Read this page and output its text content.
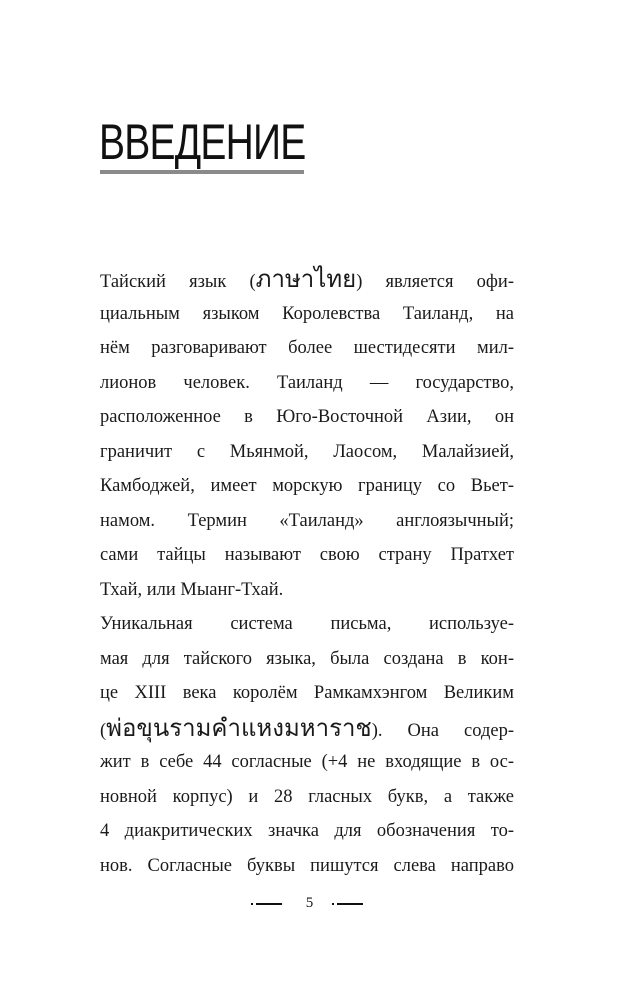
ВВЕДЕНИЕ
Тайский язык (ภาษาไทย) является офи-
циальным языком Королевства Таиланд, на
нём разговаривают более шестидесяти мил-
лионов человек. Таиланд — государство,
расположенное в Юго-Восточной Азии, он
граничит с Мьянмой, Лаосом, Малайзией,
Камбоджей, имеет морскую границу со Вьет-
намом. Термин «Таиланд» англоязычный;
сами тайцы называют свою страну Пратхет
Тхай, или Мыанг-Тхай.
Уникальная система письма, используе-
мая для тайского языка, была создана в кон-
це XIII века королём Рамкамхэнгом Великим
(พ่อขุนรามคำแหงมหาราช). Она содер-
жит в себе 44 согласные (+4 не входящие в ос-
новной корпус) и 28 гласных букв, а также
4 диакритических значка для обозначения то-
нов. Согласные буквы пишутся слева направо
5
